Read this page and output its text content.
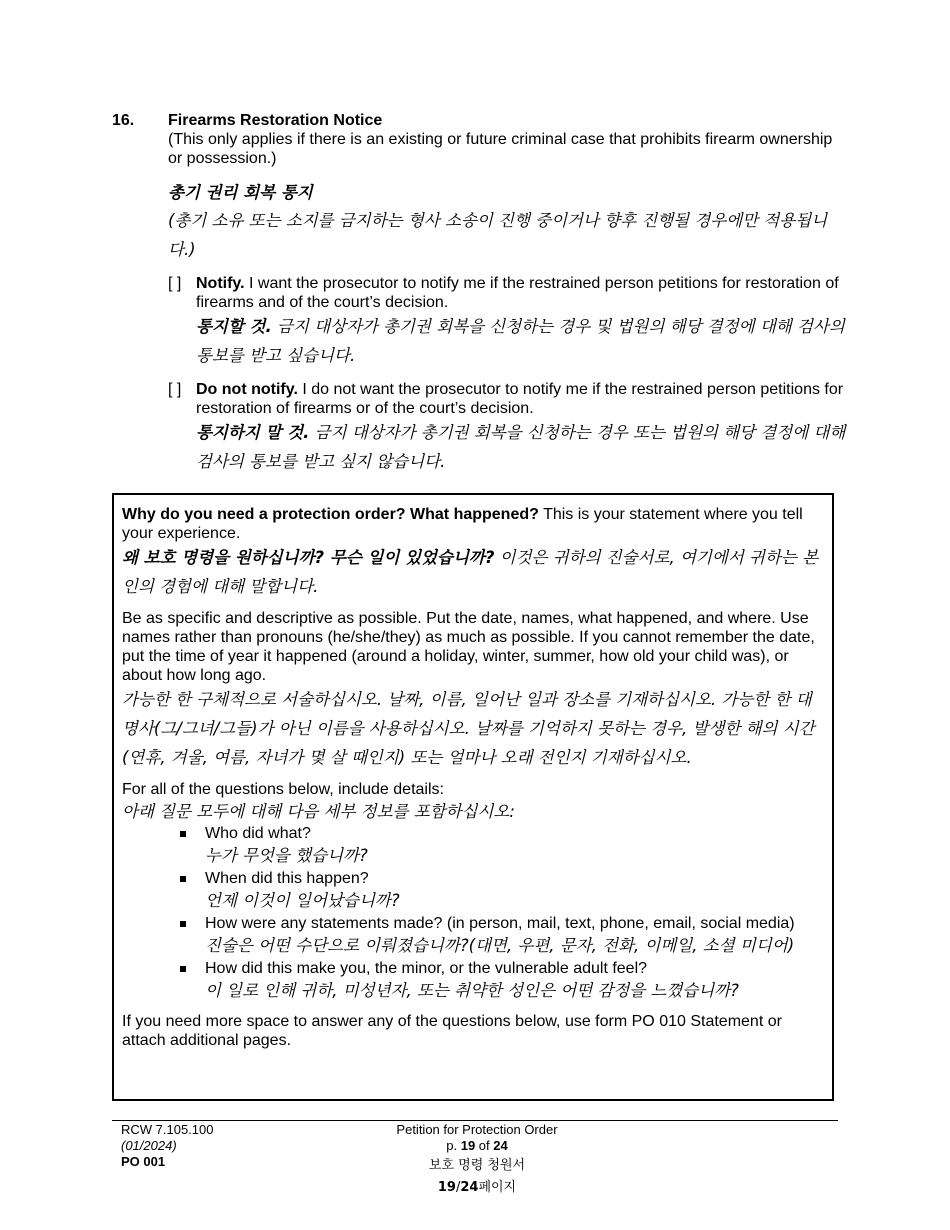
16. Firearms Restoration Notice
(This only applies if there is an existing or future criminal case that prohibits firearm ownership or possession.)
총기 권리 회복 통지
(총기 소유 또는 소지를 금지하는 형사 소송이 진행 중이거나 향후 진행될 경우에만 적용됩니다.)
[ ] Notify. I want the prosecutor to notify me if the restrained person petitions for restoration of firearms and of the court’s decision.
통지할 것. 금지 대상자가 총기권 회복을 신청하는 경우 및 법원의 해당 결정에 대해 검사의 통보를 받고 싶습니다.
[ ] Do not notify. I do not want the prosecutor to notify me if the restrained person petitions for restoration of firearms or of the court’s decision.
통지하지 말 것. 금지 대상자가 총기권 회복을 신청하는 경우 또는 법원의 해당 결정에 대해 검사의 통보를 받고 싶지 않습니다.

Why do you need a protection order? What happened? This is your statement where you tell your experience.

왜 보호 명령을 원하십니까? 무슨 일이 있었습니까? 이것은 귀하의 진술서로, 여기에서 귀하는 본인의 경험에 대해 말합니다.

Be as specific and descriptive as possible. Put the date, names, what happened, and where. Use names rather than pronouns (he/she/they) as much as possible. If you cannot remember the date, put the time of year it happened (around a holiday, winter, summer, how old your child was), or about how long ago.

가능한 한 구체적으로 서술하십시오. 날짜, 이름, 일어난 일과 장소를 기재하십시오. 가능한 한 대명사(그/그녀/그들)가 아닌 이름을 사용하십시오. 날짜를 기억하지 못하는 경우, 발생한 해의 시간(연휴, 겨울, 여름, 자녀가 몇 살 때인지) 또는 얼마나 오래 전인지 기재하십시오.

For all of the questions below, include details:

아래 질문 모두에 대해 다음 세부 정보를 포함하십시오:

Who did what?
누가 무엇을 했습니까?
When did this happen?
언제 이것이 일어났습니까?
How were any statements made? (in person, mail, text, phone, email, social media)
진술은 어떤 수단으로 이뤄졌습니까?(대면, 우편, 문자, 전화, 이메일, 소셜 미디어)
How did this make you, the minor, or the vulnerable adult feel?
이 일로 인해 귀하, 미성년자, 또는 취약한 성인은 어떤 감정을 느꼈습니까?

If you need more space to answer any of the questions below, use form PO 010 Statement or attach additional pages.

RCW 7.105.100
(01/2024)
PO 001
Petition for Protection Order
p. 19 of 24
보호 명령 청원서
19/24페이지
